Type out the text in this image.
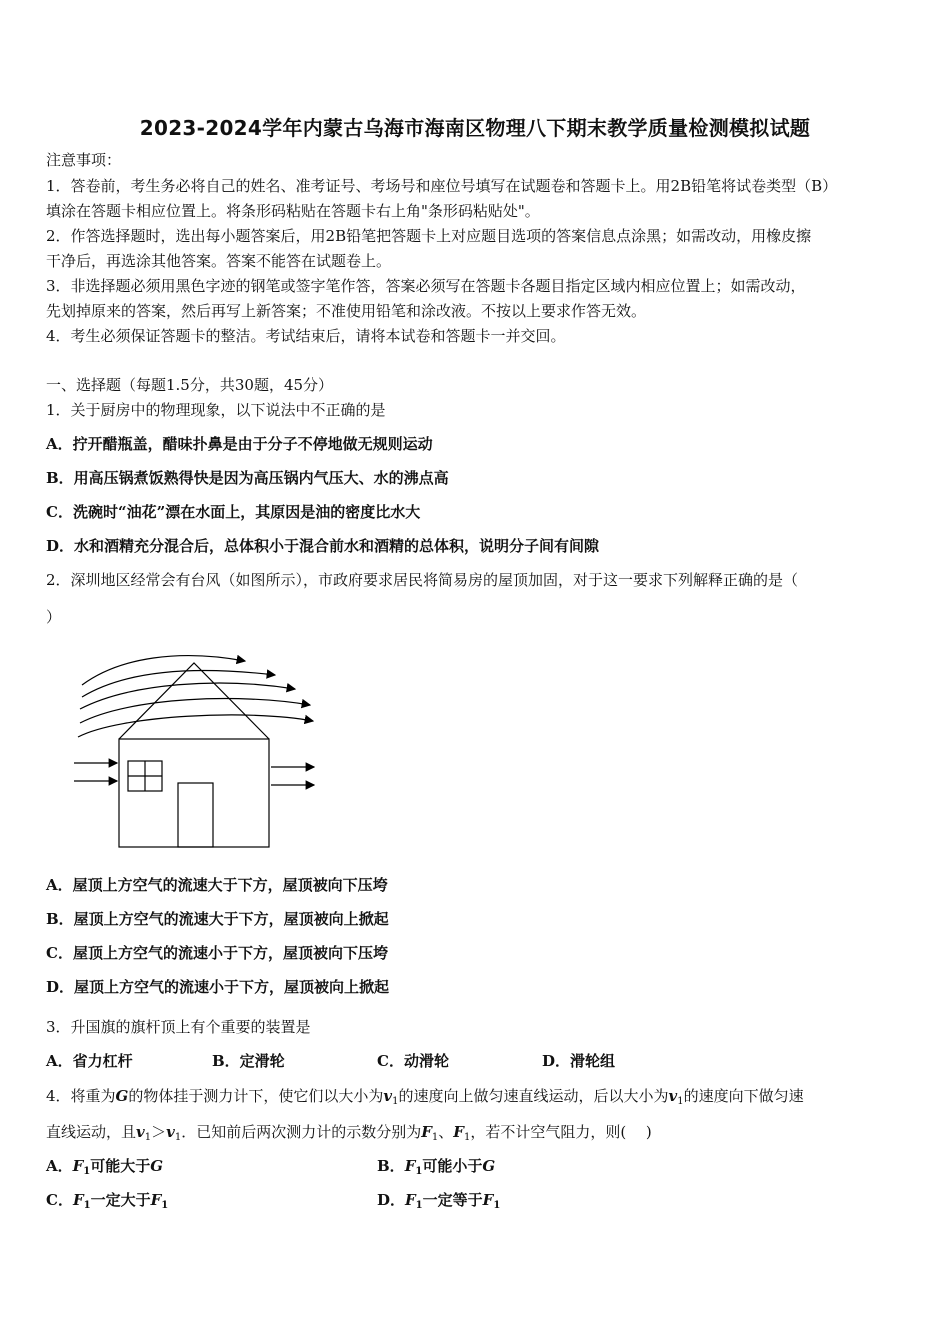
2023-2024学年内蒙古乌海市海南区物理八下期末教学质量检测模拟试题
注意事项：
1．答卷前，考生务必将自己的姓名、准考证号、考场号和座位号填写在试题卷和答题卡上。用2B铅笔将试卷类型（B）
填涂在答题卡相应位置上。将条形码粘贴在答题卡右上角"条形码粘贴处"。
2．作答选择题时，选出每小题答案后，用2B铅笔把答题卡上对应题目选项的答案信息点涂黑；如需改动，用橡皮擦
干净后，再选涂其他答案。答案不能答在试题卷上。
3．非选择题必须用黑色字迹的钢笔或签字笔作答，答案必须写在答题卡各题目指定区域内相应位置上；如需改动，
先划掉原来的答案，然后再写上新答案；不准使用铅笔和涂改液。不按以上要求作答无效。
4．考生必须保证答题卡的整洁。考试结束后，请将本试卷和答题卡一并交回。
一、选择题（每题1.5分，共30题，45分）
1．关于厨房中的物理现象，以下说法中不正确的是
A．拧开醋瓶盖，醋味扑鼻是由于分子不停地做无规则运动
B．用高压锅煮饭熟得快是因为高压锅内气压大、水的沸点高
C．洗碗时“油花”漂在水面上，其原因是油的密度比水大
D．水和酒精充分混合后，总体积小于混合前水和酒精的总体积，说明分子间有间隙
2．深圳地区经常会有台风（如图所示），市政府要求居民将简易房的屋顶加固，对于这一要求下列解释正确的是（
）
A．屋顶上方空气的流速大于下方，屋顶被向下压垮
B．屋顶上方空气的流速大于下方，屋顶被向上掀起
C．屋顶上方空气的流速小于下方，屋顶被向下压垮
D．屋顶上方空气的流速小于下方，屋顶被向上掀起
3．升国旗的旗杆顶上有个重要的装置是
A．省力杠杆	B．定滑轮	C．动滑轮	D．滑轮组
4．将重为G的物体挂于测力计下，使它们以大小为$v_1$的速度向上做匀速直线运动，后以大小为$v_1$的速度向下做匀速
直线运动，且$v_1>v_1$．已知前后两次测力计的示数分别为$F_1$、$F_1$，若不计空气阻力，则(　 )
A．$F_1$可能大于G	B．$F_1$可能小于G
C．$F_1$一定大于$F_1$	D．$F_1$一定等于$F_1$
